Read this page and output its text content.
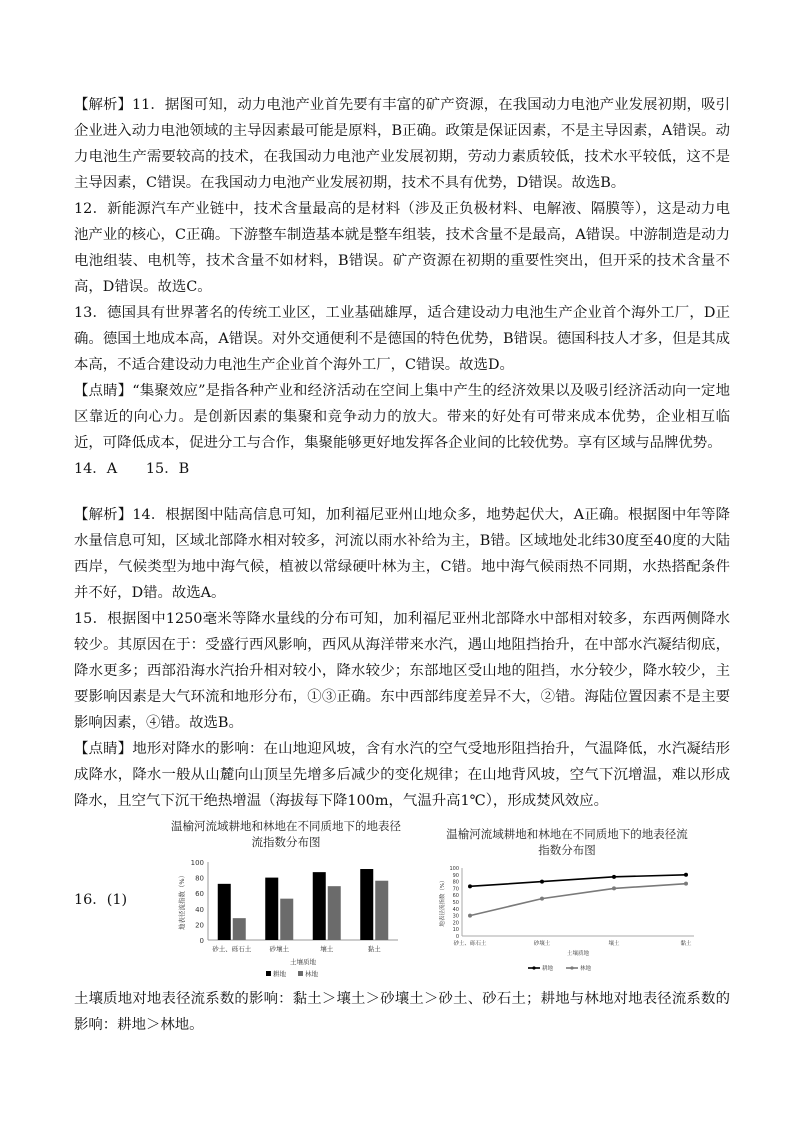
【解析】11．据图可知，动力电池产业首先要有丰富的矿产资源，在我国动力电池产业发展初期，吸引企业进入动力电池领域的主导因素最可能是原料，B正确。政策是保证因素，不是主导因素，A错误。动力电池生产需要较高的技术，在我国动力电池产业发展初期，劳动力素质较低，技术水平较低，这不是主导因素，C错误。在我国动力电池产业发展初期，技术不具有优势，D错误。故选B。

12．新能源汽车产业链中，技术含量最高的是材料（涉及正负极材料、电解液、隔膜等），这是动力电池产业的核心，C正确。下游整车制造基本就是整车组装，技术含量不是最高，A错误。中游制造是动力电池组装、电机等，技术含量不如材料，B错误。矿产资源在初期的重要性突出，但开采的技术含量不高，D错误。故选C。

13．德国具有世界著名的传统工业区，工业基础雄厚，适合建设动力电池生产企业首个海外工厂，D正确。德国土地成本高，A错误。对外交通便利不是德国的特色优势，B错误。德国科技人才多，但是其成本高，不适合建设动力电池生产企业首个海外工厂，C错误。故选D。

【点睛】“集聚效应”是指各种产业和经济活动在空间上集中产生的经济效果以及吸引经济活动向一定地区靠近的向心力。是创新因素的集聚和竞争动力的放大。带来的好处有可带来成本优势，企业相互临近，可降低成本，促进分工与合作，集聚能够更好地发挥各企业间的比较优势。享有区域与品牌优势。

14．A　　15．B

【解析】14．根据图中陆高信息可知，加利福尼亚州山地众多，地势起伏大，A正确。根据图中年等降水量信息可知，区域北部降水相对较多，河流以雨水补给为主，B错。区域地处北纬30度至40度的大陆西岸，气候类型为地中海气候，植被以常绿硬叶林为主，C错。地中海气候雨热不同期，水热搭配条件并不好，D错。故选A。

15．根据图中1250毫米等降水量线的分布可知，加利福尼亚州北部降水中部相对较多，东西两侧降水较少。其原因在于：受盛行西风影响，西风从海洋带来水汽，遇山地阻挡抬升，在中部水汽凝结彻底，降水更多；西部沿海水汽抬升相对较小，降水较少；东部地区受山地的阻挡，水分较少，降水较少，主要影响因素是大气环流和地形分布，①③正确。东中西部纬度差异不大，②错。海陆位置因素不是主要影响因素，④错。故选B。

【点睛】地形对降水的影响：在山地迎风坡，含有水汽的空气受地形阻挡抬升，气温降低，水汽凝结形成降水，降水一般从山麓向山顶呈先增多后减少的变化规律；在山地背风坡，空气下沉增温，难以形成降水，且空气下沉干绝热增温（海拔每下降100m，气温升高1℃），形成焚风效应。

16．(1)
温榆河流域耕地和林地在不同质地下的地表径流指数分布图
0
20
40
60
80
100
砂土、砾石土	砂壤土	壤土	黏土
土壤质地
地表径流指数（%）
耕地	林地
温榆河流域耕地和林地在不同质地下的地表径流指数分布图
0
10
20
30
40
50
60
70
80
90
100
砂土、砾石土	砂壤土	壤土	黏土
土壤质地
地表径流指数（%）
耕地	林地

土壤质地对地表径流系数的影响：黏土＞壤土＞砂壤土＞砂土、砂石土；耕地与林地对地表径流系数的影响：耕地＞林地。
